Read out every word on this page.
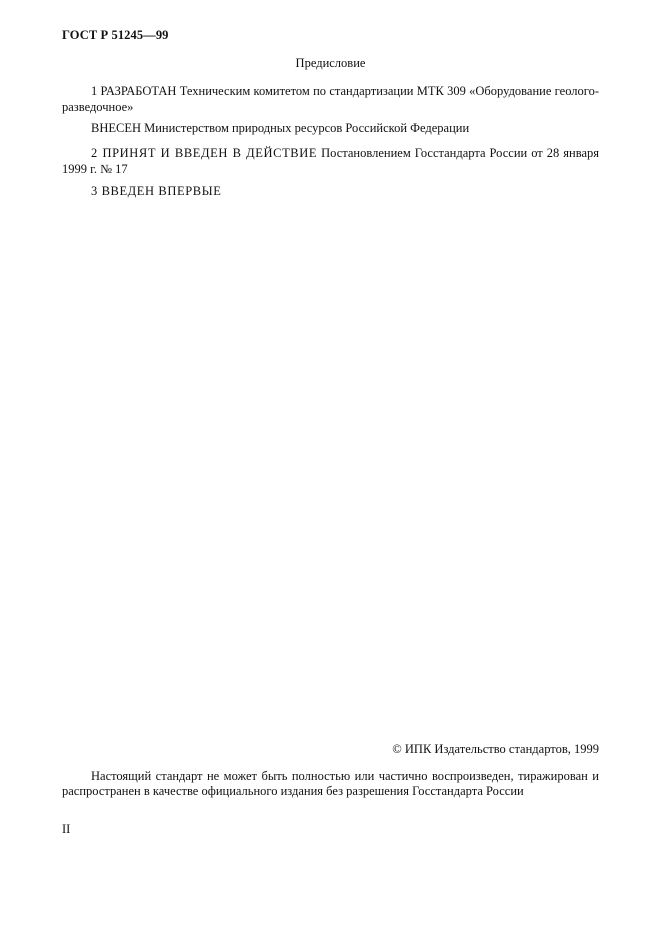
ГОСТ Р 51245—99
Предисловие
1 РАЗРАБОТАН Техническим комитетом по стандартизации МТК 309 «Оборудование геолого-разведочное»
ВНЕСЕН Министерством природных ресурсов Российской Федерации
2 ПРИНЯТ И ВВЕДЕН В ДЕЙСТВИЕ Постановлением Госстандарта России от 28 января 1999 г. № 17
3 ВВЕДЕН ВПЕРВЫЕ
© ИПК Издательство стандартов, 1999
Настоящий стандарт не может быть полностью или частично воспроизведен, тиражирован и распространен в качестве официального издания без разрешения Госстандарта России
II
